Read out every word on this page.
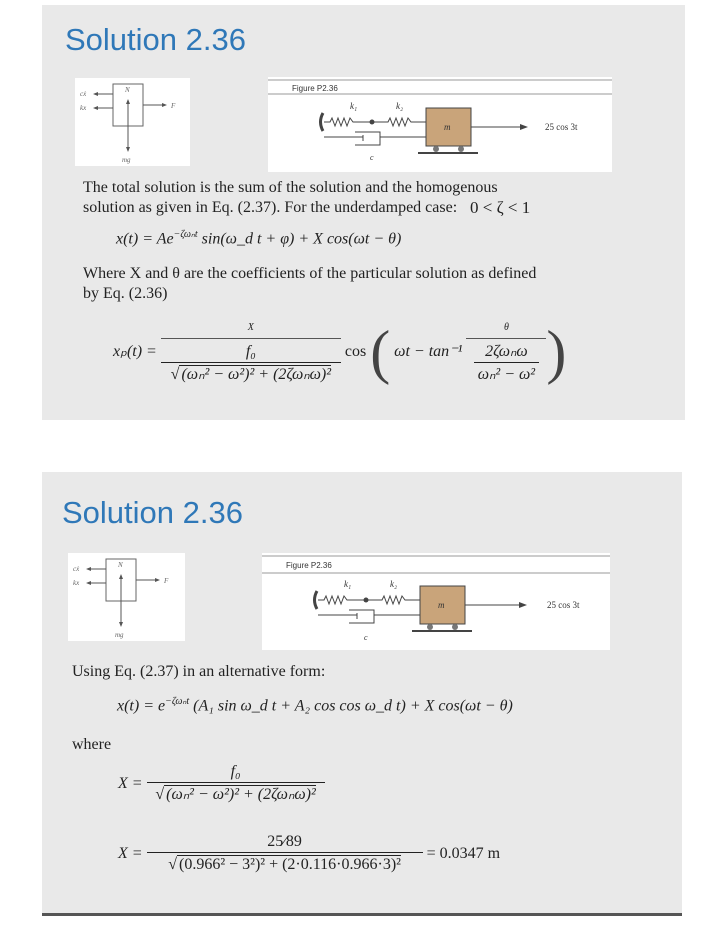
Solution 2.36
cẋ
kx
N
F
mg
Figure P2.36
k₁	k₂
m
c
25 cos 3t
The total solution is the sum of the solution and the homogenous
solution as given in Eq. (2.37). For the underdamped case: 0 < ζ < 1
$x(t) = Ae^{-\zeta\omega_nt}$ sin(ω_d t + φ) + X cos(ωt − θ)
Where X and θ are the coefficients of the particular solution as defined
by Eq. (2.36)
xₚ(t) =
X
f₀
√ (ωₙ² − ω²)² + (2ζωₙω)²
cos ( ωt − tan⁻¹
θ
2ζωₙω
ωₙ² − ω² )
Solution 2.36
cẋ
kx
N
F
mg
Figure P2.36
k₁	k₂
m
c
25 cos 3t
Using Eq. (2.37) in an alternative form:
$x(t) = e^{-\zeta\omega_nt}$ (A₁ sin ω_d t + A₂ cos cos ω_d t) + X cos(ωt − θ)
where
$X = \frac{\text{f₀}}{\text{√ (ωₙ² − ω²)² + (2ζωₙω)²}}$
$X = \frac{25⁄89}{\text{√ (0.966² − 3²)² + (2·0.116·0.966·3)²}} = 0.0347$ m
